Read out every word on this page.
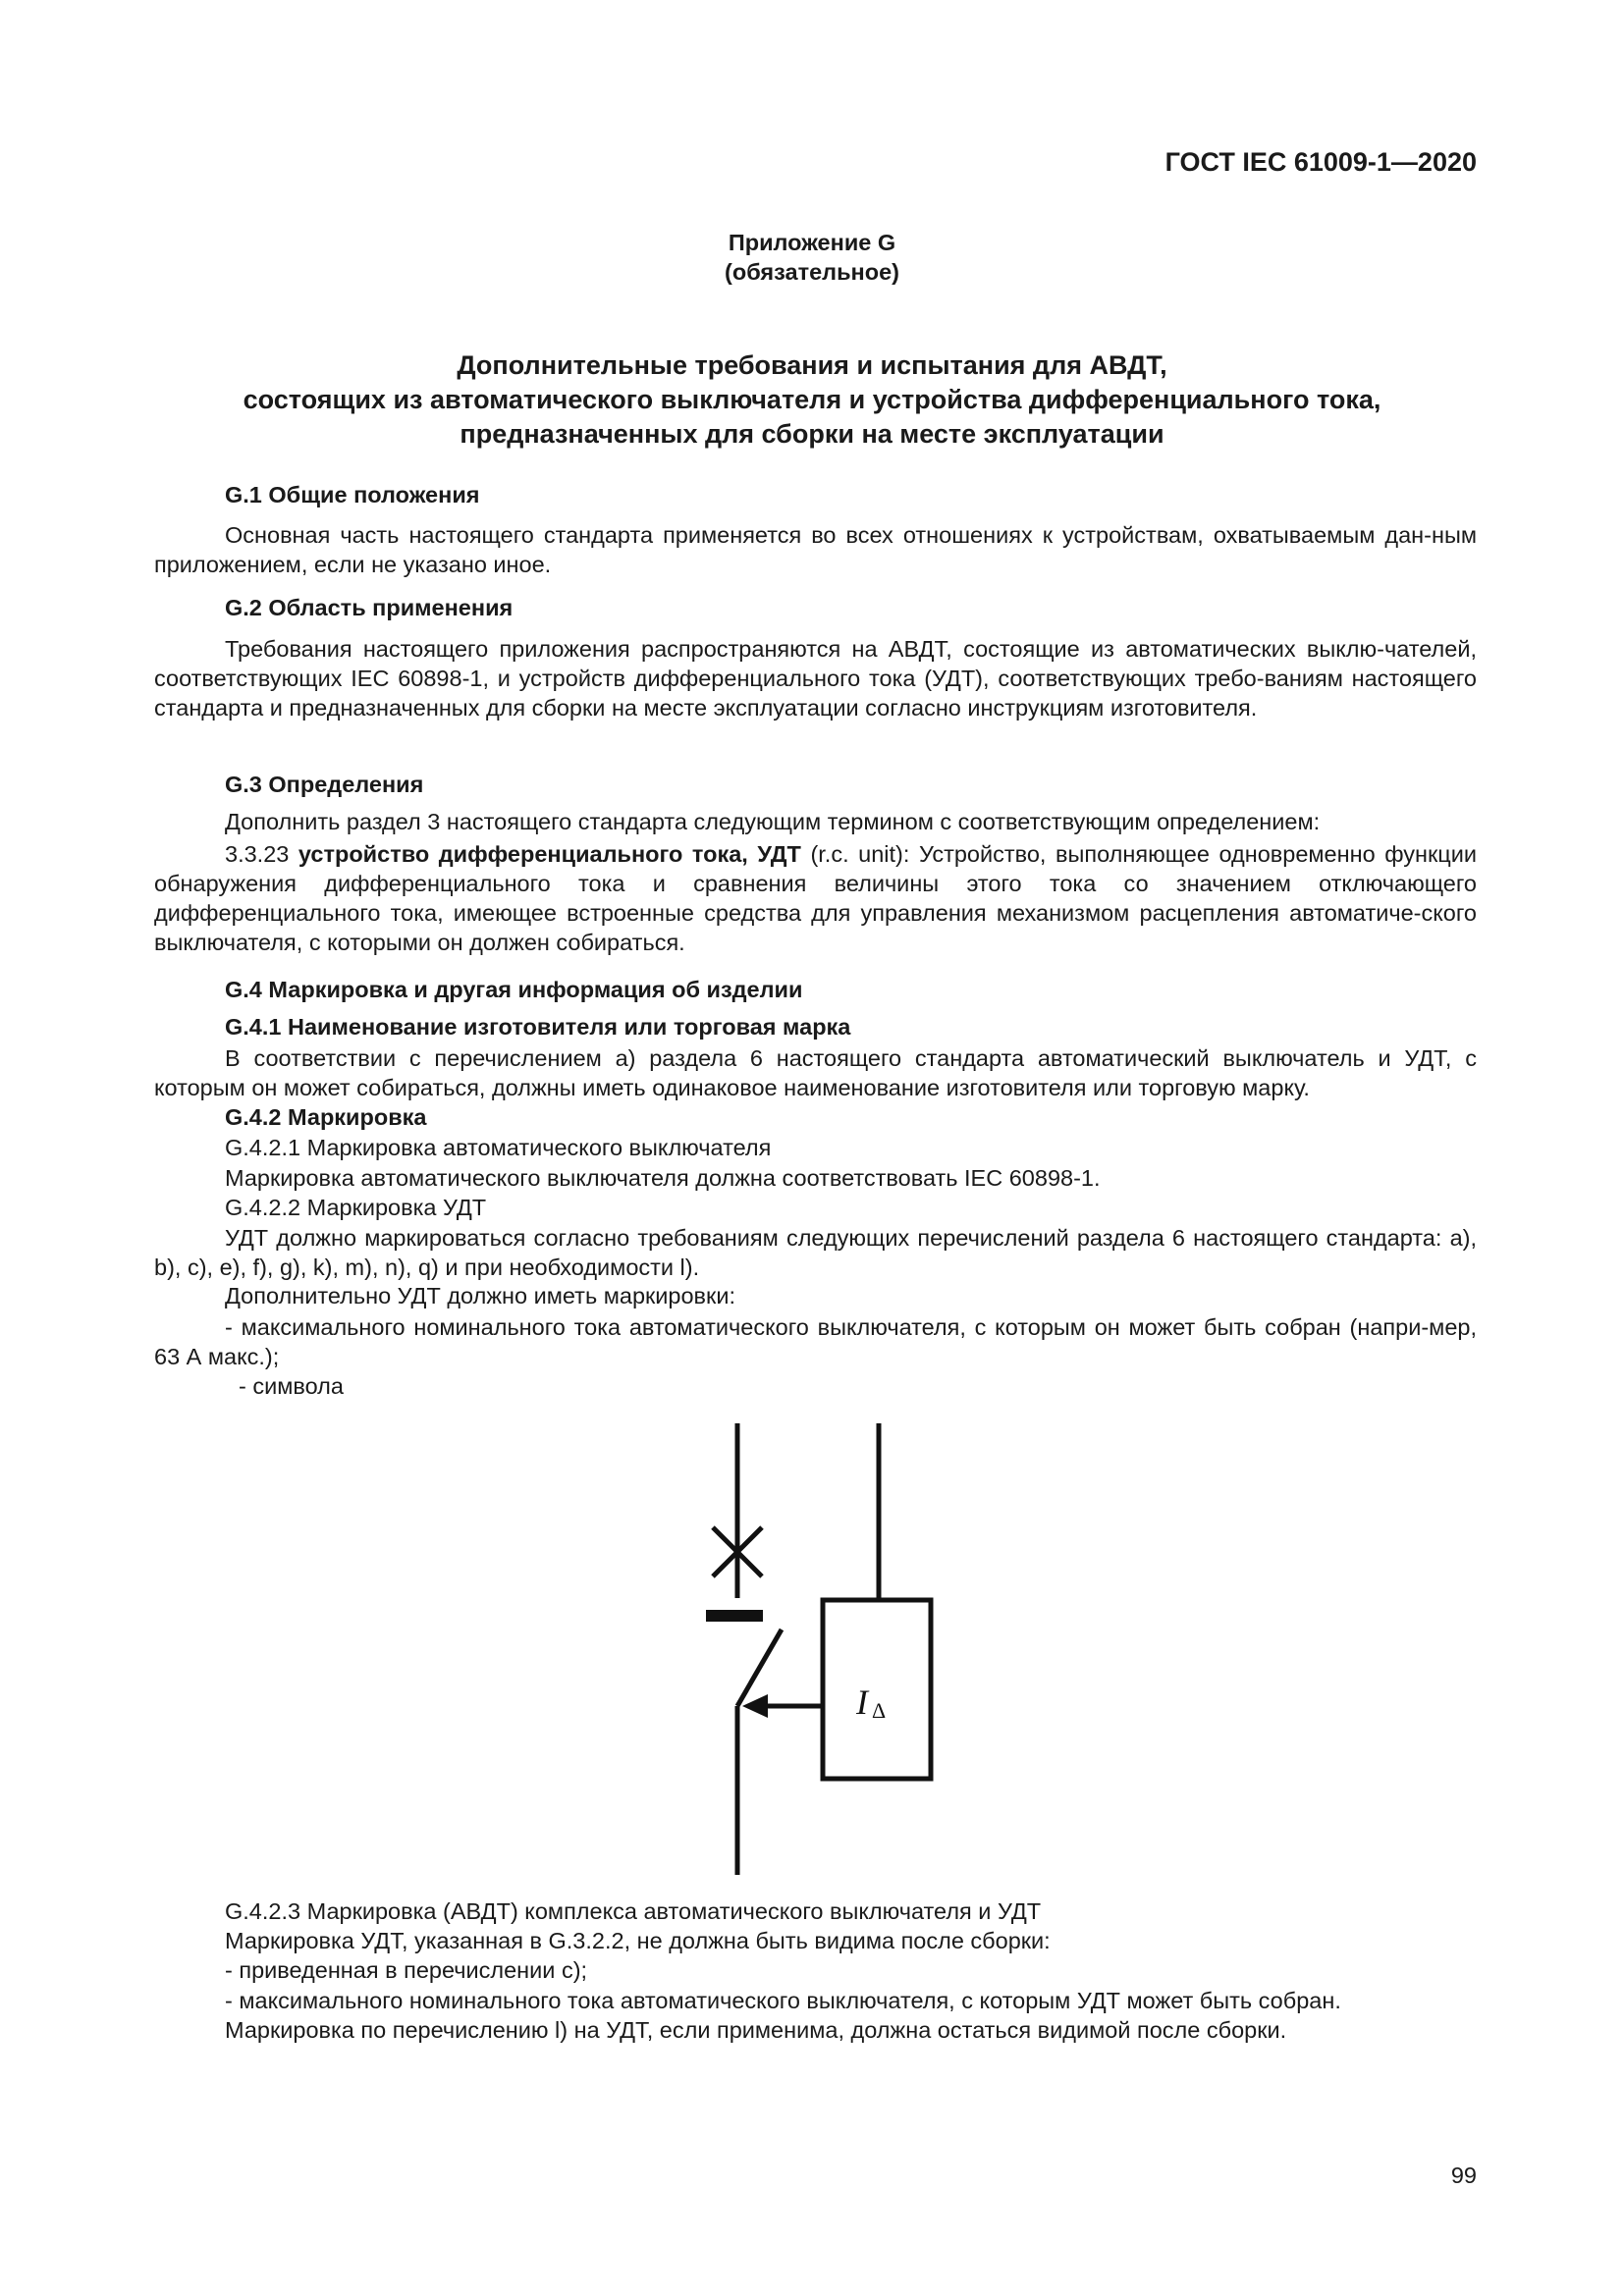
ГОСТ IEC 61009-1—2020
Приложение G
(обязательное)
Дополнительные требования и испытания для АВДТ,
состоящих из автоматического выключателя и устройства дифференциального тока,
предназначенных для сборки на месте эксплуатации
G.1 Общие положения

Основная часть настоящего стандарта применяется во всех отношениях к устройствам, охватываемым дан-ным приложением, если не указано иное.

G.2 Область применения

Требования настоящего приложения распространяются на АВДТ, состоящие из автоматических выклю-чателей, соответствующих IEC 60898-1, и устройств дифференциального тока (УДТ), соответствующих требо-ваниям настоящего стандарта и предназначенных для сборки на месте эксплуатации согласно инструкциям изготовителя.

G.3 Определения
Дополнить раздел 3 настоящего стандарта следующим термином с соответствующим определением:

3.3.23 устройство дифференциального тока, УДТ (r.c. unit): Устройство, выполняющее одновременно функции обнаружения дифференциального тока и сравнения величины этого тока со значением отключающего дифференциального тока, имеющее встроенные средства для управления механизмом расцепления автоматиче-ского выключателя, с которыми он должен собираться.

G.4 Маркировка и другая информация об изделии
G.4.1 Наименование изготовителя или торговая марка

В соответствии с перечислением а) раздела 6 настоящего стандарта автоматический выключатель и УДТ, с которым он может собираться, должны иметь одинаковое наименование изготовителя или торговую марку.

G.4.2 Маркировка
G.4.2.1 Маркировка автоматического выключателя
Маркировка автоматического выключателя должна соответствовать IEC 60898-1.
G.4.2.2 Маркировка УДТ

УДТ должно маркироваться согласно требованиям следующих перечислений раздела 6 настоящего стандарта: a), b), c), e), f), g), k), m), n), q) и при необходимости l).

Дополнительно УДТ должно иметь маркировки:

- максимального номинального тока автоматического выключателя, с которым он может быть собран (напри-мер, 63 А макс.);

- символа
I Δ
G.4.2.3 Маркировка (АВДТ) комплекса автоматического выключателя и УДТ
Маркировка УДТ, указанная в G.3.2.2, не должна быть видима после сборки:
- приведенная в перечислении с);
- максимального номинального тока автоматического выключателя, с которым УДТ может быть собран.
Маркировка по перечислению l) на УДТ, если применима, должна остаться видимой после сборки.
99
